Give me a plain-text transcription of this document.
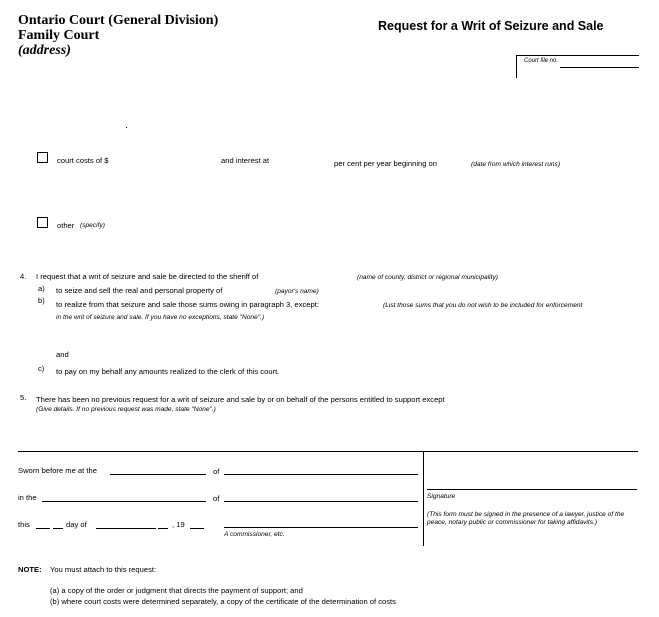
Ontario Court (General Division)
Family Court
(address)
Request for a Writ of Seizure and Sale
Court file no.
court costs of $	and interest at	per cent per year beginning on	(date from which interest runs)
other (specify)
4. I request that a writ of seizure and sale be directed to the sheriff of	(name of county, district or regional municipality)
a) to seize and sell the real and personal property of	(payor's name)
b) to realize from that seizure and sale those sums owing in paragraph 3, except:	(List those sums that you do not wish to be included for enforcement
in the writ of seizure and sale. If you have no exceptions, state "None".)
and
c) to pay on my behalf any amounts realized to the clerk of this court.
5. There has been no previous request for a writ of seizure and sale by or on behalf of the persons entitled to support except
(Give details. If no previous request was made, state "None".)
Sworn before me at the	of
in the	of	Signature
this	day of	, 19
A commissioner, etc.
(This form must be signed in the presence of a lawyer, justice of the peace, notary public or commissioner for taking affidavits.)
NOTE: You must attach to this request:
(a) a copy of the order or judgment that directs the payment of support; and
(b) where court costs were determined separately, a copy of the certificate of the determination of costs
